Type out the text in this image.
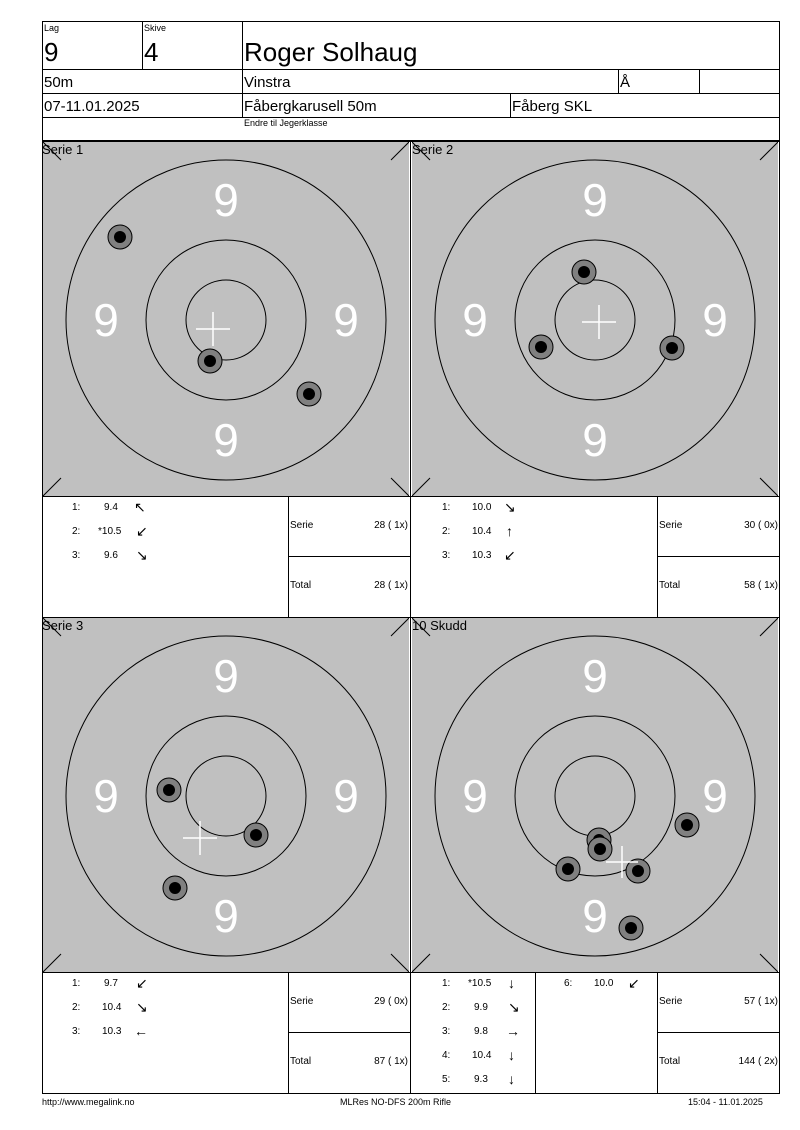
Lag
9
Skive
4	Roger Solhaug
50m	Vinstra	Å
07-11.01.2025	Fåbergkarusell 50m	Fåberg SKL
Endre til Jegerklasse
9
9
9	9
9
9
9	9
9
9
9	9
9
9
9	9
Serie 1	Serie 2
Serie 3	10 Skudd
1: 9.4 ↖
2: *10.5 ↙
3: 9.6 ↘
Serie	28 ( 1x)
Total	28 ( 1x)
1: 10.0 ↘
2: 10.4 ↑
3: 10.3 ↙
Serie	30 ( 0x)
Total	58 ( 1x)
1: 9.7 ↙
2: 10.4 ↘
3: 10.3 ←
Serie	29 ( 0x)
Total	87 ( 1x)
1: *10.5 ↓
2: 9.9 ↘
3: 9.8 →
4: 10.4 ↓
5: 9.3 ↓
6: 10.0 ↙
Serie	57 ( 1x)
Total	144 ( 2x)
http://www.megalink.no	MLRes NO-DFS 200m Rifle	15:04 - 11.01.2025
